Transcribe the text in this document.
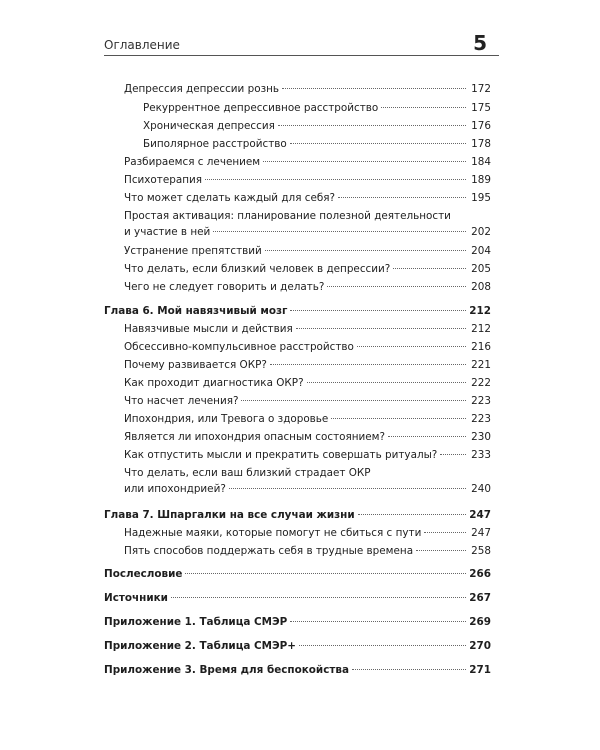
Оглавление	5
Депрессия депрессии рознь	172
Рекуррентное депрессивное расстройство	175
Хроническая депрессия	176
Биполярное расстройство	178
Разбираемся с лечением	184
Психотерапия	189
Что может сделать каждый для себя?	195
Простая активация: планирование полезной деятельности
и участие в ней	202
Устранение препятствий	204
Что делать, если близкий человек в депрессии?	205
Чего не следует говорить и делать?	208
Глава 6. Мой навязчивый мозг	212
Навязчивые мысли и действия	212
Обсессивно-компульсивное расстройство	216
Почему развивается ОКР?	221
Как проходит диагностика ОКР?	222
Что насчет лечения?	223
Ипохондрия, или Тревога о здоровье	223
Является ли ипохондрия опасным состоянием?	230
Как отпустить мысли и прекратить совершать ритуалы?	233
Что делать, если ваш близкий страдает ОКР
или ипохондрией?	240
Глава 7. Шпаргалки на все случаи жизни	247
Надежные маяки, которые помогут не сбиться с пути	247
Пять способов поддержать себя в трудные времена	258
Послесловие	266
Источники	267
Приложение 1. Таблица СМЭР	269
Приложение 2. Таблица СМЭР+	270
Приложение 3. Время для беспокойства	271
